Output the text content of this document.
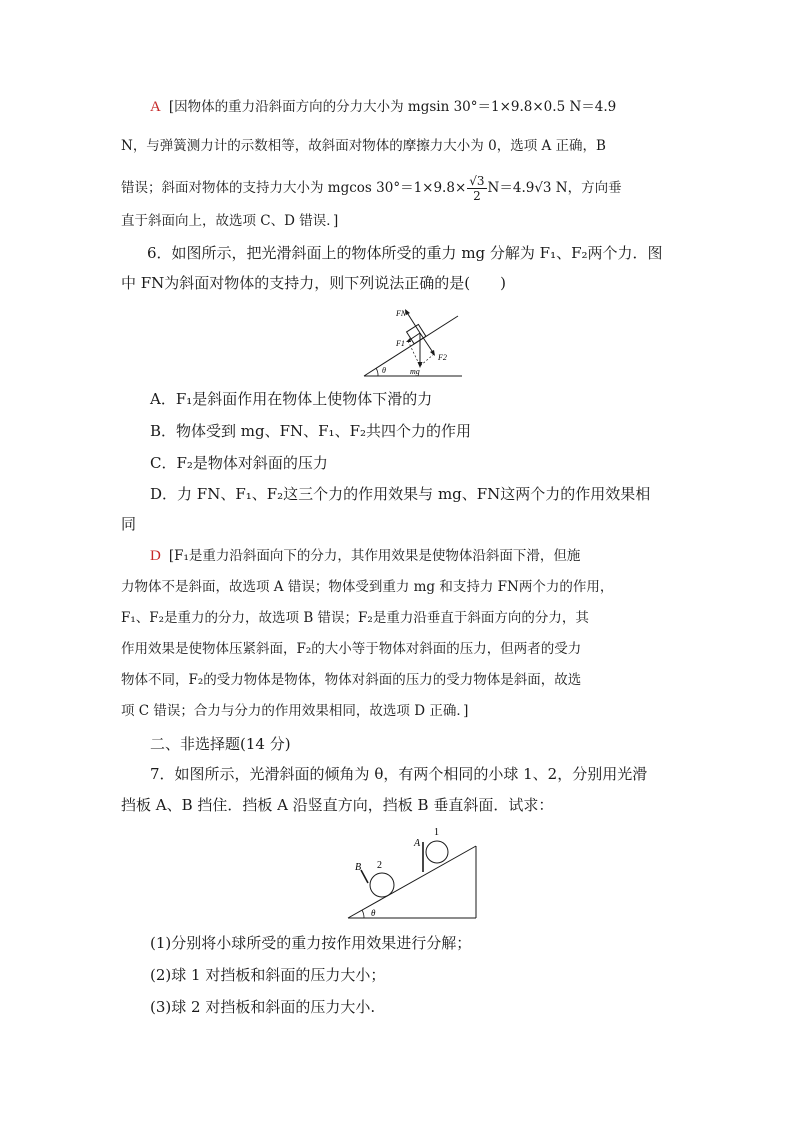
A [因物体的重力沿斜面方向的分力大小为 mgsin 30°＝1×9.8×0.5 N＝4.9
N，与弹簧测力计的示数相等，故斜面对物体的摩擦力大小为 0，选项 A 正确，B
错误；斜面对物体的支持力大小为 mgcos $30^\circ=1\times 9.8\times \frac{√3}{2} N=4.9√3$ N，方向垂
直于斜面向上，故选项 C、D 错误．]
6．如图所示，把光滑斜面上的物体所受的重力 mg 分解为 F₁、F₂两个力．图
中 FN为斜面对物体的支持力，则下列说法正确的是(　　)
FN
F1
F2
θ	mg
A．F₁是斜面作用在物体上使物体下滑的力
B．物体受到 mg、FN、F₁、F₂共四个力的作用
C．F₂是物体对斜面的压力
D．力 FN、F₁、F₂这三个力的作用效果与 mg、FN这两个力的作用效果相
同
D [F₁是重力沿斜面向下的分力，其作用效果是使物体沿斜面下滑，但施
力物体不是斜面，故选项 A 错误；物体受到重力 mg 和支持力 FN两个力的作用，
F₁、F₂是重力的分力，故选项 B 错误；F₂是重力沿垂直于斜面方向的分力，其
作用效果是使物体压紧斜面，F₂的大小等于物体对斜面的压力，但两者的受力
物体不同，F₂的受力物体是物体，物体对斜面的压力的受力物体是斜面，故选
项 C 错误；合力与分力的作用效果相同，故选项 D 正确．]
二、非选择题(14 分)
7．如图所示，光滑斜面的倾角为 θ，有两个相同的小球 1、2，分别用光滑
挡板 A、B 挡住．挡板 A 沿竖直方向，挡板 B 垂直斜面．试求：
1
2
A
B
θ
(1)分别将小球所受的重力按作用效果进行分解；
(2)球 1 对挡板和斜面的压力大小；
(3)球 2 对挡板和斜面的压力大小.
